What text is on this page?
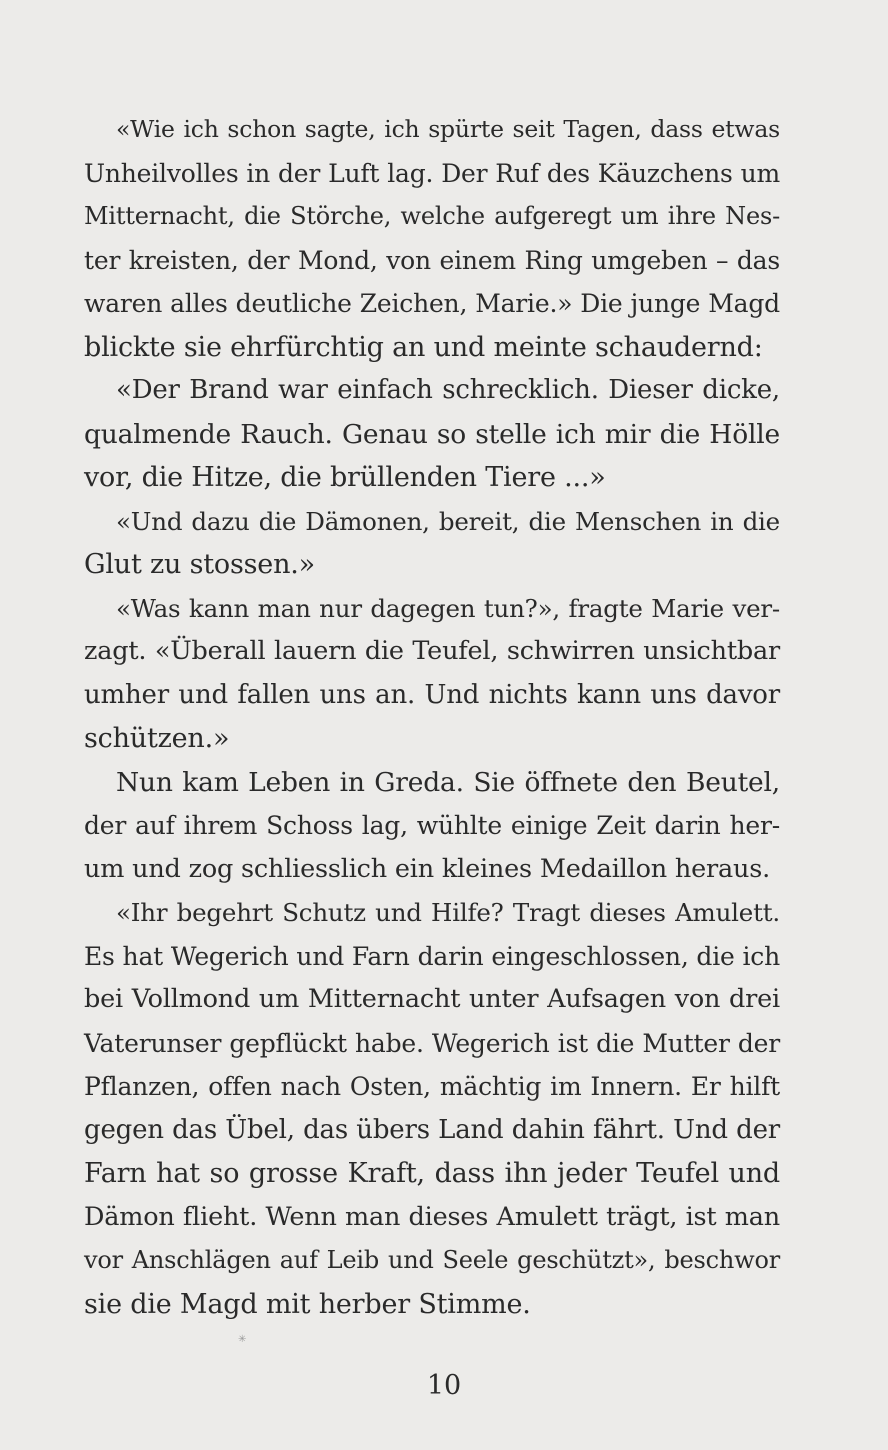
«Wie ich schon sagte, ich spürte seit Tagen, dass etwas
Unheilvolles in der Luft lag. Der Ruf des Käuzchens um
Mitternacht, die Störche, welche aufgeregt um ihre Nes-
ter kreisten, der Mond, von einem Ring umgeben – das
waren alles deutliche Zeichen, Marie.» Die junge Magd
blickte sie ehrfürchtig an und meinte schaudernd:
«Der Brand war einfach schrecklich. Dieser dicke,
qualmende Rauch. Genau so stelle ich mir die Hölle
vor, die Hitze, die brüllenden Tiere ...»
«Und dazu die Dämonen, bereit, die Menschen in die
Glut zu stossen.»
«Was kann man nur dagegen tun?», fragte Marie ver-
zagt. «Überall lauern die Teufel, schwirren unsichtbar
umher und fallen uns an. Und nichts kann uns davor
schützen.»
Nun kam Leben in Greda. Sie öffnete den Beutel,
der auf ihrem Schoss lag, wühlte einige Zeit darin her-
um und zog schliesslich ein kleines Medaillon heraus.
«Ihr begehrt Schutz und Hilfe? Tragt dieses Amulett.
Es hat Wegerich und Farn darin eingeschlossen, die ich
bei Vollmond um Mitternacht unter Aufsagen von drei
Vaterunser gepflückt habe. Wegerich ist die Mutter der
Pflanzen, offen nach Osten, mächtig im Innern. Er hilft
gegen das Übel, das übers Land dahin fährt. Und der
Farn hat so grosse Kraft, dass ihn jeder Teufel und
Dämon flieht. Wenn man dieses Amulett trägt, ist man
vor Anschlägen auf Leib und Seele geschützt», beschwor
sie die Magd mit herber Stimme.
✳
10
